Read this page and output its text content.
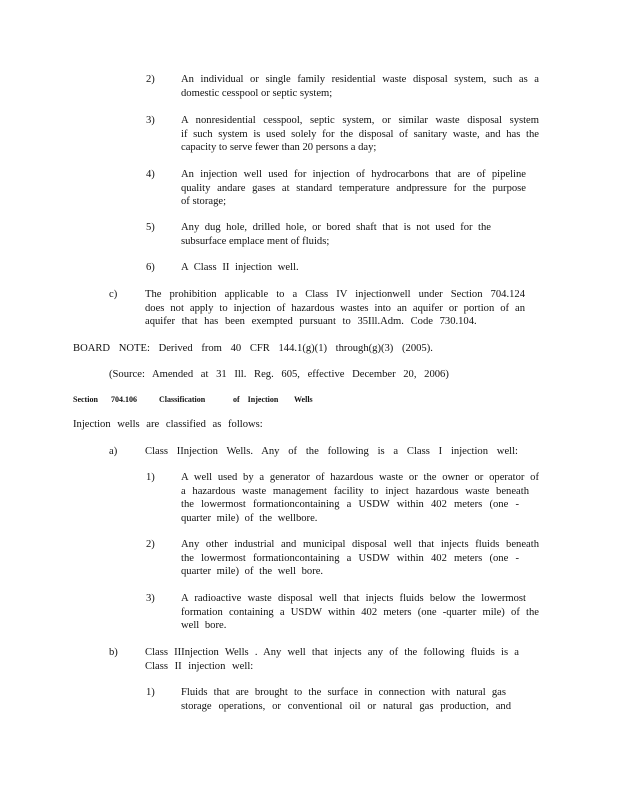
2) An individual or single family residential waste disposal system, such as a
domestic cesspool or septic system;
3) A nonresidential cesspool, septic system, or similar waste disposal system
if such system is used solely for the disposal of sanitary waste, and has the
capacity to serve fewer than 20 persons a day;
4) An injection well used for injection of hydrocarbons that are of pipeline
quality andare gases at standard temperature andpressure for the purpose
of storage;
5) Any dug hole, drilled hole, or bored shaft that is not used for the
subsurface emplace ment of fluids;
6) A Class II injection well.
c)	The prohibition applicable to a Class IV injectionwell under Section 704.124
does not apply to injection of hazardous wastes into an aquifer or portion of an
aquifer that has been exempted pursuant to 35Ill.Adm. Code 730.104.
BOARD NOTE: Derived from 40 CFR 144.1(g)(1) through(g)(3) (2005).
(Source: Amended at 31 Ill. Reg. 605, effective December 20, 2006)
Section 704.106	Classification	of Injection Wells
Injection wells are classified as follows:
a)	Class IInjection Wells. Any of the following is a Class I injection well:
1) A well used by a generator of hazardous waste or the owner or operator of
a hazardous waste management facility to inject hazardous waste beneath
the lowermost formationcontaining a USDW within 402 meters (one -
quarter mile) of the wellbore.
2) Any other industrial and municipal disposal well that injects fluids beneath
the lowermost formationcontaining a USDW within 402 meters (one -
quarter mile) of the well bore.
3) A radioactive waste disposal well that injects fluids below the lowermost
formation containing a USDW within 402 meters (one -quarter mile) of the
well bore.
b)	Class IIInjection Wells . Any well that injects any of the following fluids is a
Class II injection well:
1) Fluids that are brought to the surface in connection with natural gas
storage operations, or conventional oil or natural gas production, and
